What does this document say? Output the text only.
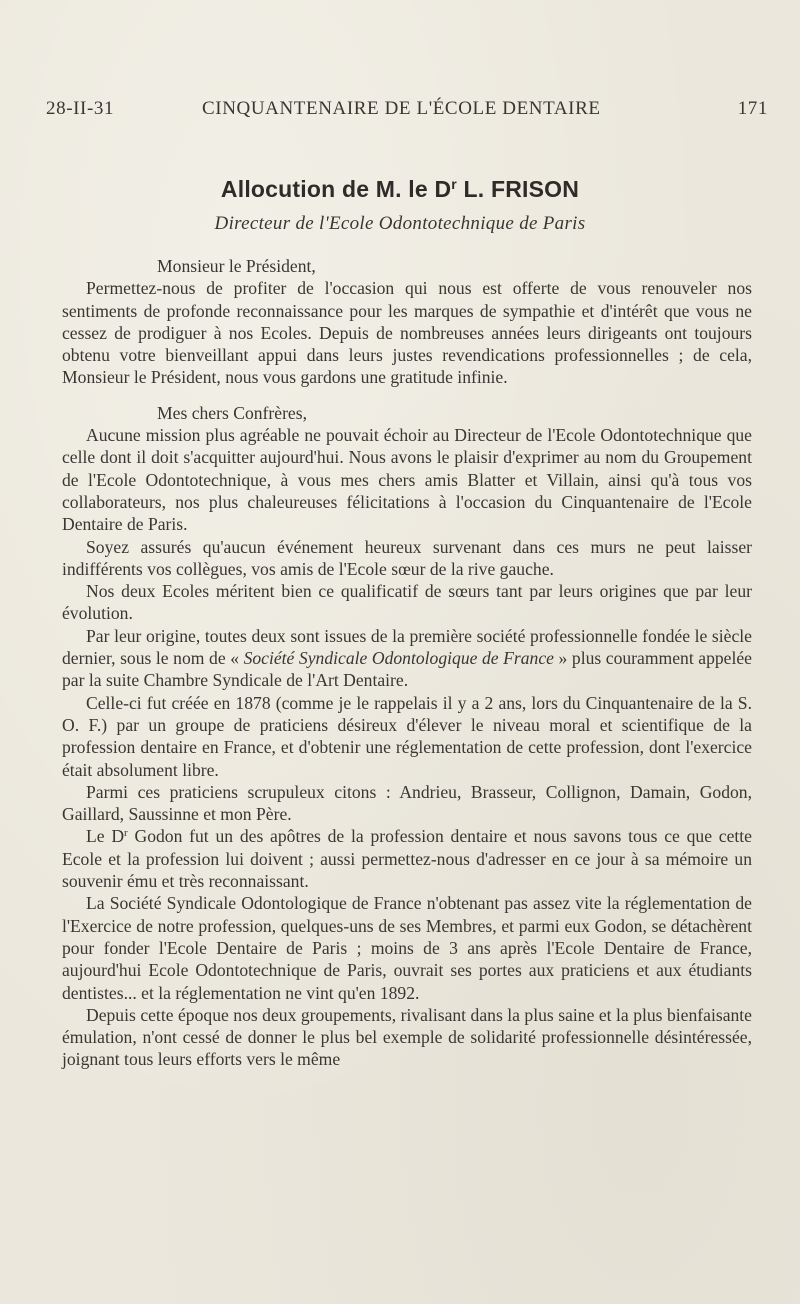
28-II-31	CINQUANTENAIRE DE L'ÉCOLE DENTAIRE	171
Allocution de M. le $D^r$ L. FRISON
Directeur de l'Ecole Odontotechnique de Paris

Monsieur le Président,

Permettez-nous de profiter de l'occasion qui nous est offerte de vous renouveler nos sentiments de profonde reconnaissance pour les marques de sympathie et d'intérêt que vous ne cessez de prodiguer à nos Ecoles. Depuis de nombreuses années leurs dirigeants ont toujours obtenu votre bienveillant appui dans leurs justes revendications professionnelles ; de cela, Monsieur le Président, nous vous gardons une gratitude infinie.

Mes chers Confrères,

Aucune mission plus agréable ne pouvait échoir au Directeur de l'Ecole Odontotechnique que celle dont il doit s'acquitter aujourd'hui. Nous avons le plaisir d'exprimer au nom du Groupement de l'Ecole Odontotechnique, à vous mes chers amis Blatter et Villain, ainsi qu'à tous vos collaborateurs, nos plus chaleureuses félicitations à l'occasion du Cinquantenaire de l'Ecole Dentaire de Paris.

Soyez assurés qu'aucun événement heureux survenant dans ces murs ne peut laisser indifférents vos collègues, vos amis de l'Ecole sœur de la rive gauche.

Nos deux Ecoles méritent bien ce qualificatif de sœurs tant par leurs origines que par leur évolution.

Par leur origine, toutes deux sont issues de la première société professionnelle fondée le siècle dernier, sous le nom de « Société Syndicale Odontologique de France » plus couramment appelée par la suite Chambre Syndicale de l'Art Dentaire.

Celle-ci fut créée en 1878 (comme je le rappelais il y a 2 ans, lors du Cinquantenaire de la S. O. F.) par un groupe de praticiens désireux d'élever le niveau moral et scientifique de la profession dentaire en France, et d'obtenir une réglementation de cette profession, dont l'exercice était absolument libre.

Parmi ces praticiens scrupuleux citons : Andrieu, Brasseur, Collignon, Damain, Godon, Gaillard, Saussinne et mon Père.

Le $D^r$ Godon fut un des apôtres de la profession dentaire et nous savons tous ce que cette Ecole et la profession lui doivent ; aussi permettez-nous d'adresser en ce jour à sa mémoire un souvenir ému et très reconnaissant.

La Société Syndicale Odontologique de France n'obtenant pas assez vite la réglementation de l'Exercice de notre profession, quelques-uns de ses Membres, et parmi eux Godon, se détachèrent pour fonder l'Ecole Dentaire de Paris ; moins de 3 ans après l'Ecole Dentaire de France, aujourd'hui Ecole Odontotechnique de Paris, ouvrait ses portes aux praticiens et aux étudiants dentistes... et la réglementation ne vint qu'en 1892.

Depuis cette époque nos deux groupements, rivalisant dans la plus saine et la plus bienfaisante émulation, n'ont cessé de donner le plus bel exemple de solidarité professionnelle désintéressée, joignant tous leurs efforts vers le même
